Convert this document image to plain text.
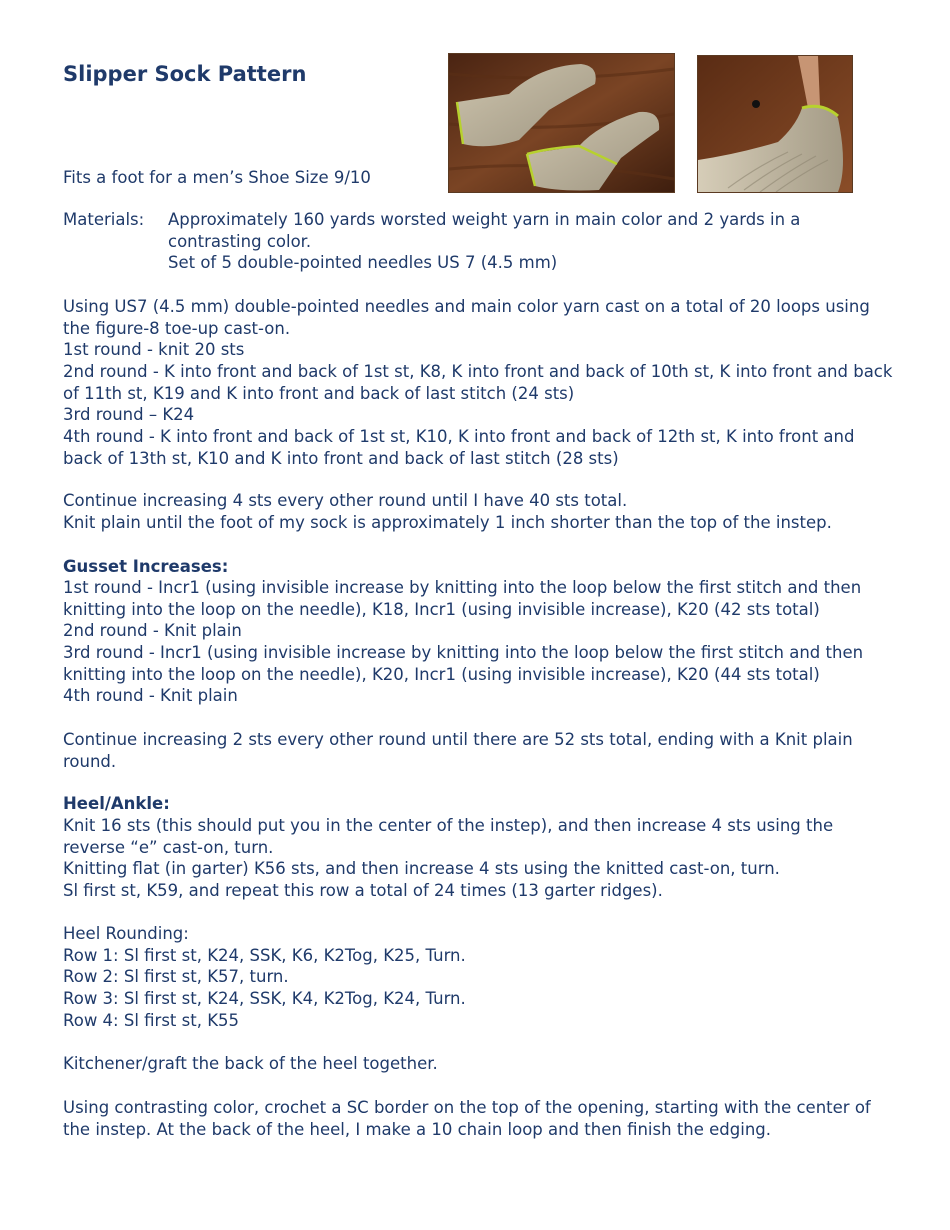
Slipper Sock Pattern
Fits a foot for a men’s Shoe Size 9/10
Materials: Approximately 160 yards worsted weight yarn in main color and 2 yards in a contrasting color.
Set of 5 double-pointed needles US 7 (4.5 mm)
Using US7 (4.5 mm) double-pointed needles and main color yarn cast on a total of 20 loops using the figure-8 toe-up cast-on.
1st round - knit 20 sts
2nd round - K into front and back of 1st st, K8, K into front and back of 10th st, K into front and back of 11th st, K19 and K into front and back of last stitch (24 sts)
3rd round – K24
4th round - K into front and back of 1st st, K10, K into front and back of 12th st, K into front and back of 13th st, K10 and K into front and back of last stitch (28 sts)
Continue increasing 4 sts every other round until I have 40 sts total.
Knit plain until the foot of my sock is approximately 1 inch shorter than the top of the instep.
Gusset Increases:
1st round - Incr1 (using invisible increase by knitting into the loop below the first stitch and then knitting into the loop on the needle), K18, Incr1 (using invisible increase), K20 (42 sts total)
2nd round - Knit plain
3rd round - Incr1 (using invisible increase by knitting into the loop below the first stitch and then knitting into the loop on the needle), K20, Incr1 (using invisible increase), K20 (44 sts total)
4th round - Knit plain
Continue increasing 2 sts every other round until there are 52 sts total, ending with a Knit plain round.
Heel/Ankle:
Knit 16 sts (this should put you in the center of the instep), and then increase 4 sts using the reverse “e” cast-on, turn.
Knitting flat (in garter) K56 sts, and then increase 4 sts using the knitted cast-on, turn.
Sl first st, K59, and repeat this row a total of 24 times (13 garter ridges).
Heel Rounding:
Row 1: Sl first st, K24, SSK, K6, K2Tog, K25, Turn.
Row 2: Sl first st, K57, turn.
Row 3: Sl first st, K24, SSK, K4, K2Tog, K24, Turn.
Row 4: Sl first st, K55
Kitchener/graft the back of the heel together.
Using contrasting color, crochet a SC border on the top of the opening, starting with the center of the instep. At the back of the heel, I make a 10 chain loop and then finish the edging.
